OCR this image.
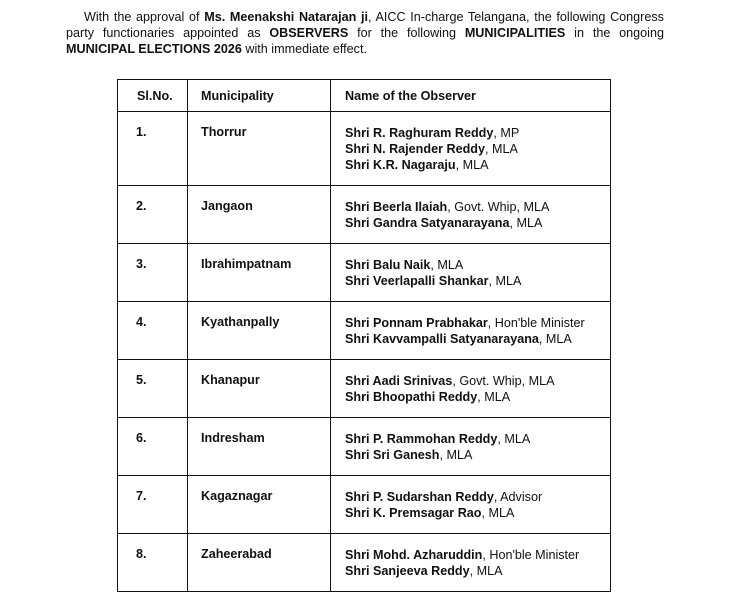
With the approval of Ms. Meenakshi Natarajan ji, AICC In-charge Telangana, the following Congress party functionaries appointed as OBSERVERS for the following MUNICIPALITIES in the ongoing MUNICIPAL ELECTIONS 2026 with immediate effect.

Sl.No.	Municipality	Name of the Observer
1.	Thorrur	Shri R. Raghuram Reddy, MP
Shri N. Rajender Reddy, MLA
Shri K.R. Nagaraju, MLA

2.	Jangaon	Shri Beerla Ilaiah, Govt. Whip, MLA
Shri Gandra Satyanarayana, MLA

3.	Ibrahimpatnam	Shri Balu Naik, MLA
Shri Veerlapalli Shankar, MLA

4.	Kyathanpally	Shri Ponnam Prabhakar, Hon'ble Minister
Shri Kavvampalli Satyanarayana, MLA

5.	Khanapur	Shri Aadi Srinivas, Govt. Whip, MLA
Shri Bhoopathi Reddy, MLA

6.	Indresham	Shri P. Rammohan Reddy, MLA
Shri Sri Ganesh, MLA

7.	Kagaznagar	Shri P. Sudarshan Reddy, Advisor
Shri K. Premsagar Rao, MLA

8.	Zaheerabad	Shri Mohd. Azharuddin, Hon'ble Minister
Shri Sanjeeva Reddy, MLA
